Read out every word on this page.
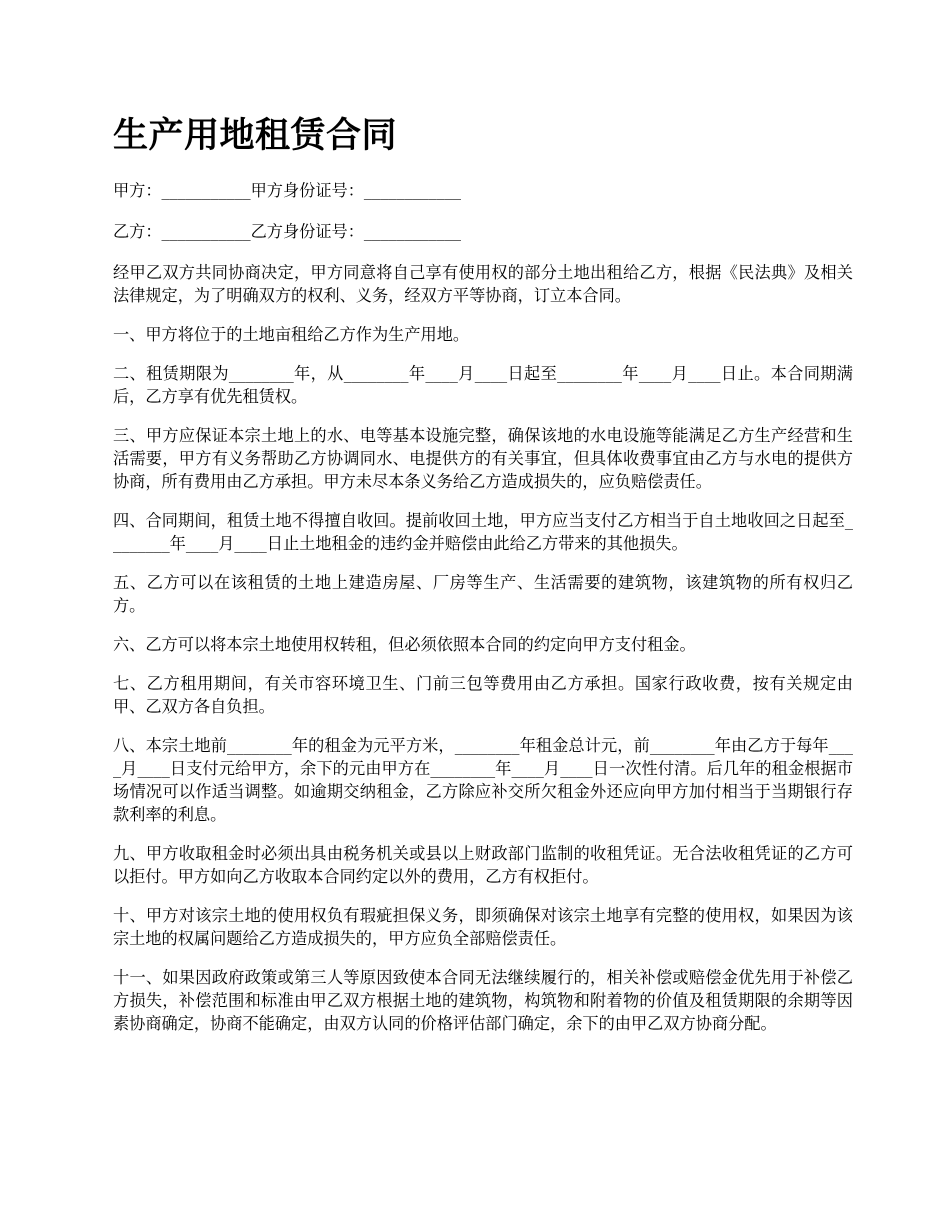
生产用地租赁合同

甲方：___________甲方身份证号：____________

乙方：___________乙方身份证号：____________

经甲乙双方共同协商决定，甲方同意将自己享有使用权的部分土地出租给乙方，根据《民法典》及相关法律规定，为了明确双方的权利、义务，经双方平等协商，订立本合同。

一、甲方将位于的土地亩租给乙方作为生产用地。

二、租赁期限为________年，从________年____月____日起至________年____月____日止。本合同期满后，乙方享有优先租赁权。

三、甲方应保证本宗土地上的水、电等基本设施完整，确保该地的水电设施等能满足乙方生产经营和生活需要，甲方有义务帮助乙方协调同水、电提供方的有关事宜，但具体收费事宜由乙方与水电的提供方协商，所有费用由乙方承担。甲方未尽本条义务给乙方造成损失的，应负赔偿责任。

四、合同期间，租赁土地不得擅自收回。提前收回土地，甲方应当支付乙方相当于自土地收回之日起至________年____月____日止土地租金的违约金并赔偿由此给乙方带来的其他损失。

五、乙方可以在该租赁的土地上建造房屋、厂房等生产、生活需要的建筑物，该建筑物的所有权归乙方。

六、乙方可以将本宗土地使用权转租，但必须依照本合同的约定向甲方支付租金。

七、乙方租用期间，有关市容环境卫生、门前三包等费用由乙方承担。国家行政收费，按有关规定由甲、乙双方各自负担。

八、本宗土地前________年的租金为元平方米，________年租金总计元，前________年由乙方于每年____月____日支付元给甲方，余下的元由甲方在________年____月____日一次性付清。后几年的租金根据市场情况可以作适当调整。如逾期交纳租金，乙方除应补交所欠租金外还应向甲方加付相当于当期银行存款利率的利息。

九、甲方收取租金时必须出具由税务机关或县以上财政部门监制的收租凭证。无合法收租凭证的乙方可以拒付。甲方如向乙方收取本合同约定以外的费用，乙方有权拒付。

十、甲方对该宗土地的使用权负有瑕疵担保义务，即须确保对该宗土地享有完整的使用权，如果因为该宗土地的权属问题给乙方造成损失的，甲方应负全部赔偿责任。

十一、如果因政府政策或第三人等原因致使本合同无法继续履行的，相关补偿或赔偿金优先用于补偿乙方损失，补偿范围和标准由甲乙双方根据土地的建筑物，构筑物和附着物的价值及租赁期限的余期等因素协商确定，协商不能确定，由双方认同的价格评估部门确定，余下的由甲乙双方协商分配。
